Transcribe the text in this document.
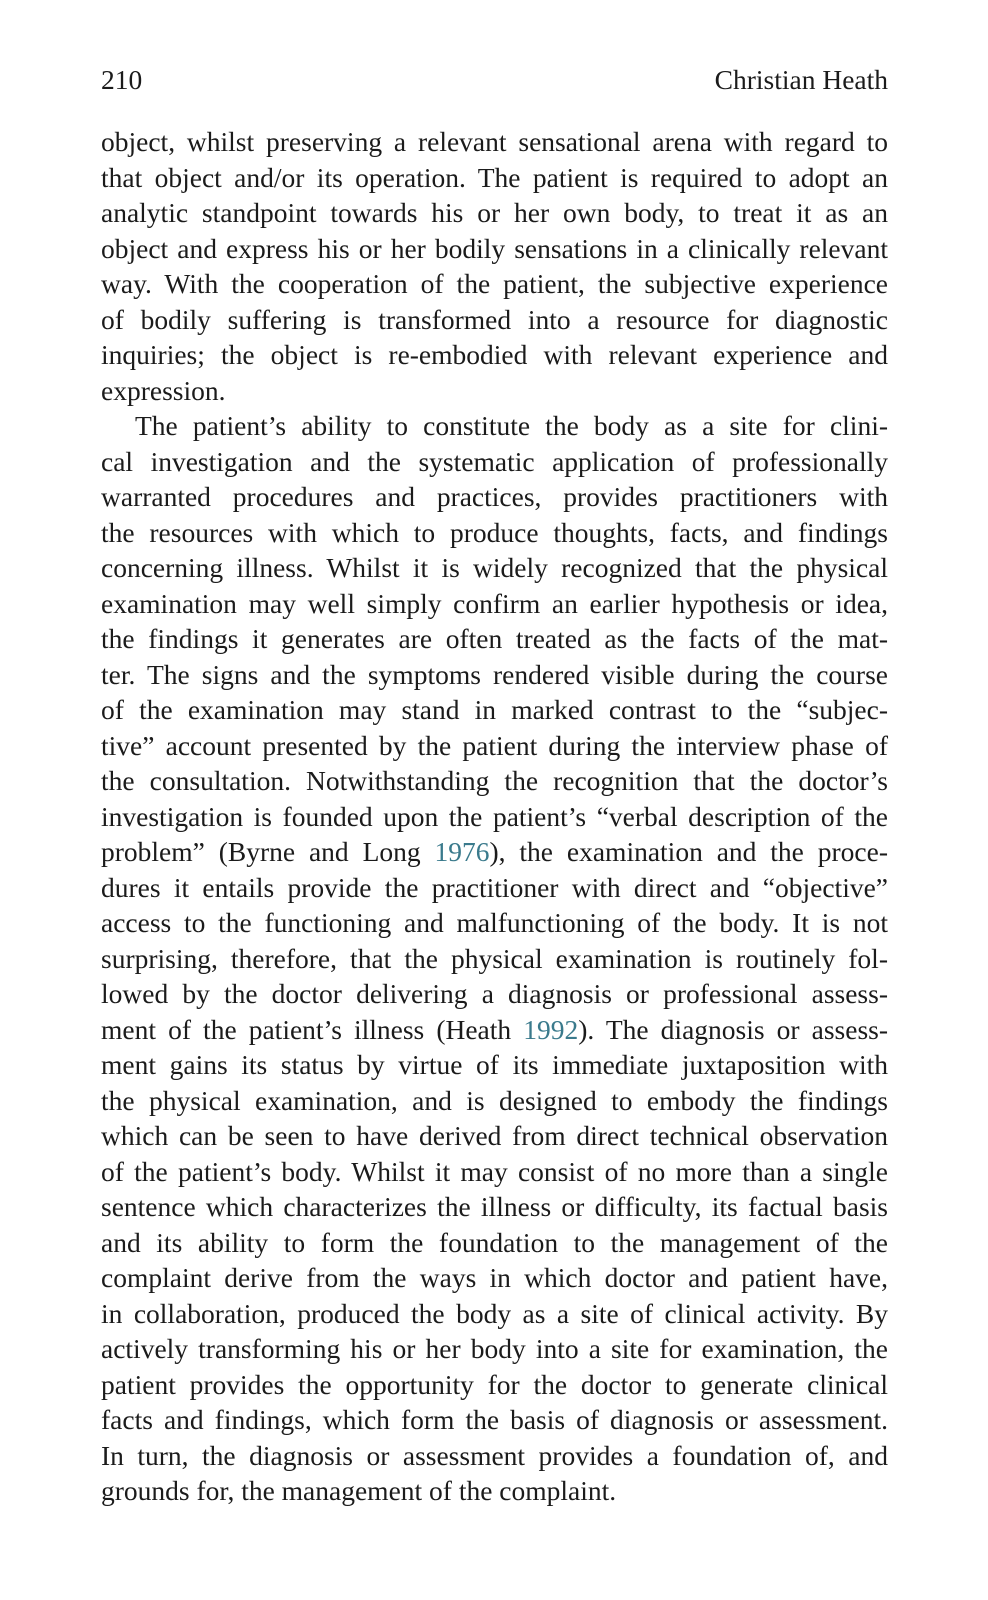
210	Christian Heath

object, whilst preserving a relevant sensational arena with regard to
that object and/or its operation. The patient is required to adopt an
analytic standpoint towards his or her own body, to treat it as an
object and express his or her bodily sensations in a clinically relevant
way. With the cooperation of the patient, the subjective experience
of bodily suffering is transformed into a resource for diagnostic
inquiries; the object is re-embodied with relevant experience and
expression.

The patient’s ability to constitute the body as a site for clini-
cal investigation and the systematic application of professionally
warranted procedures and practices, provides practitioners with
the resources with which to produce thoughts, facts, and findings
concerning illness. Whilst it is widely recognized that the physical
examination may well simply confirm an earlier hypothesis or idea,
the findings it generates are often treated as the facts of the mat-
ter. The signs and the symptoms rendered visible during the course
of the examination may stand in marked contrast to the “subjec-
tive” account presented by the patient during the interview phase of
the consultation. Notwithstanding the recognition that the doctor’s
investigation is founded upon the patient’s “verbal description of the
problem” (Byrne and Long 1976), the examination and the proce-
dures it entails provide the practitioner with direct and “objective”
access to the functioning and malfunctioning of the body. It is not
surprising, therefore, that the physical examination is routinely fol-
lowed by the doctor delivering a diagnosis or professional assess-
ment of the patient’s illness (Heath 1992). The diagnosis or assess-
ment gains its status by virtue of its immediate juxtaposition with
the physical examination, and is designed to embody the findings
which can be seen to have derived from direct technical observation
of the patient’s body. Whilst it may consist of no more than a single
sentence which characterizes the illness or difficulty, its factual basis
and its ability to form the foundation to the management of the
complaint derive from the ways in which doctor and patient have,
in collaboration, produced the body as a site of clinical activity. By
actively transforming his or her body into a site for examination, the
patient provides the opportunity for the doctor to generate clinical
facts and findings, which form the basis of diagnosis or assessment.
In turn, the diagnosis or assessment provides a foundation of, and
grounds for, the management of the complaint.
